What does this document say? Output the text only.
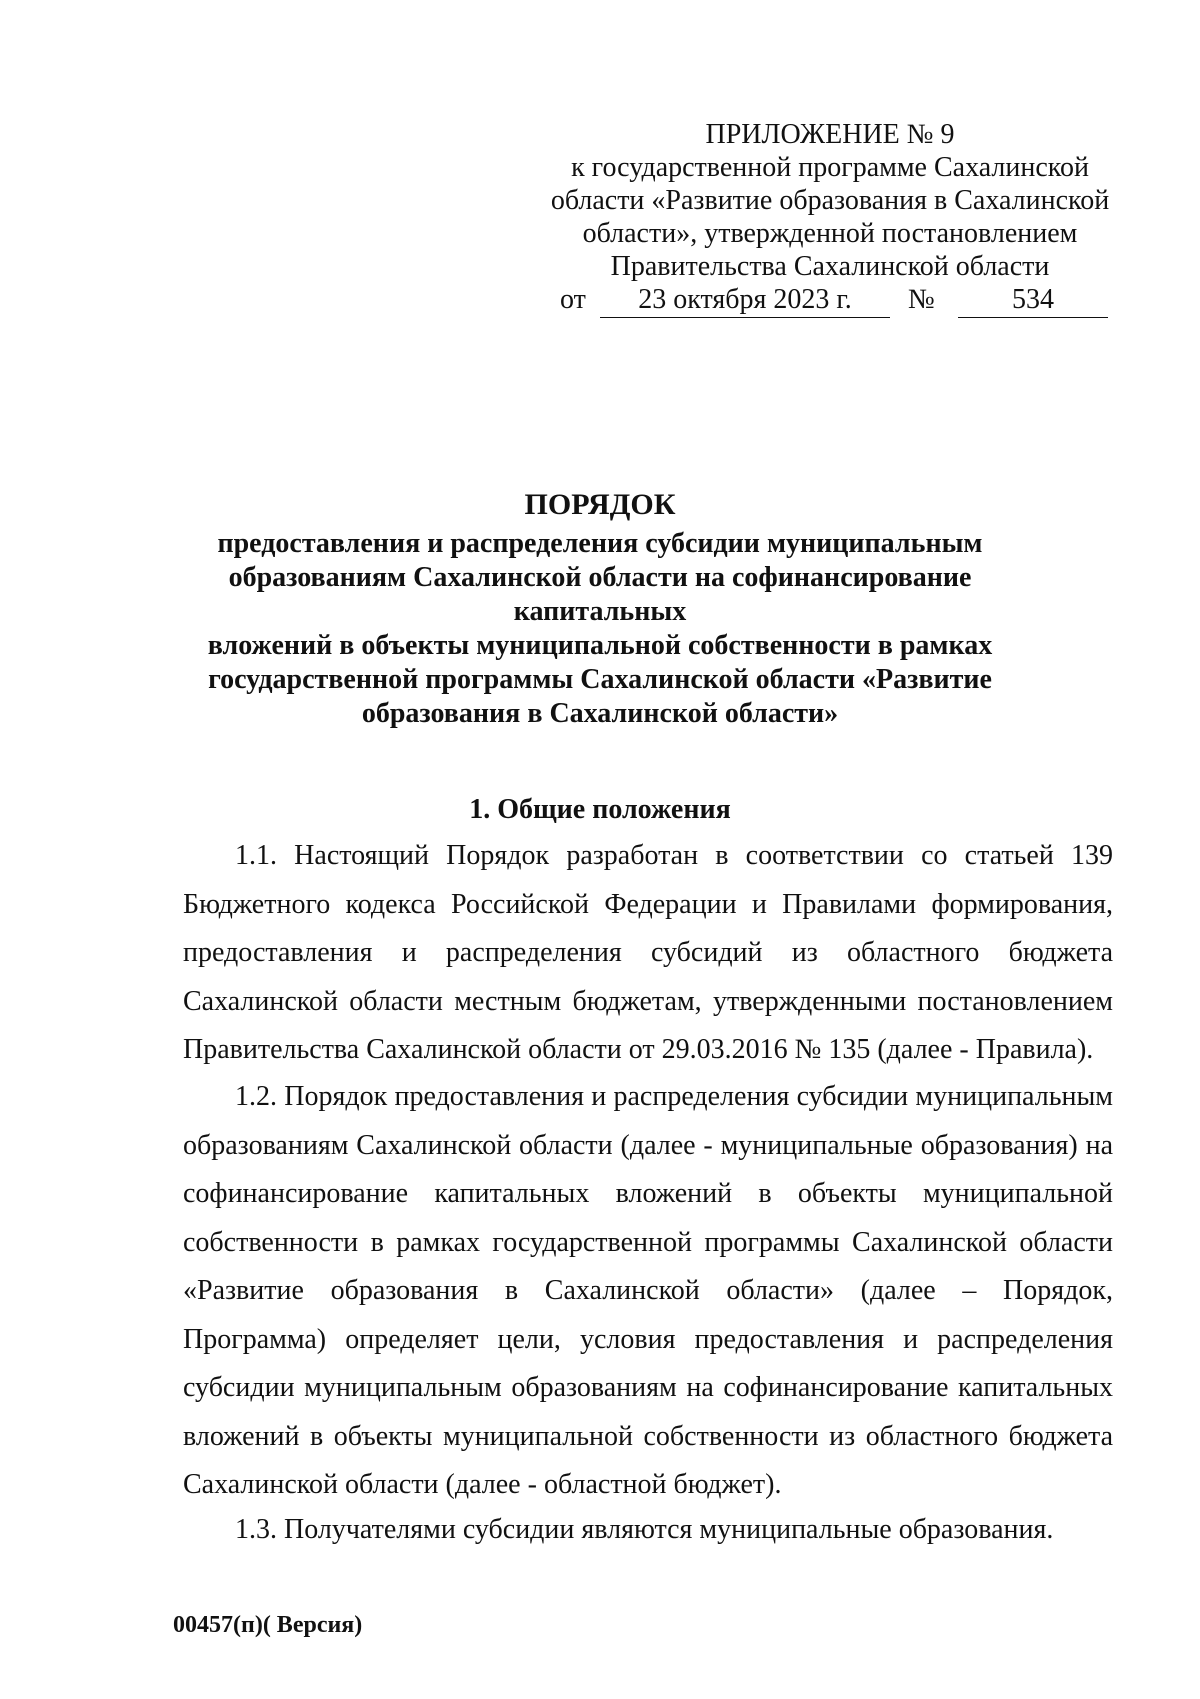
ПРИЛОЖЕНИЕ № 9
к государственной программе Сахалинской
области «Развитие образования в Сахалинской
области», утвержденной постановлением
Правительства Сахалинской области
от	23 октября 2023 г.	№	534
ПОРЯДОК
предоставления и распределения субсидии муниципальным
образованиям Сахалинской области на софинансирование капитальных
вложений в объекты муниципальной собственности в рамках
государственной программы Сахалинской области «Развитие
образования в Сахалинской области»
1. Общие положения
1.1. Настоящий Порядок разработан в соответствии со статьей 139
Бюджетного кодекса Российской Федерации и Правилами формирования,
предоставления и распределения субсидий из областного бюджета
Сахалинской области местным бюджетам, утвержденными постановлением
Правительства Сахалинской области от 29.03.2016 № 135 (далее - Правила).
1.2. Порядок предоставления и распределения субсидии муниципальным
образованиям Сахалинской области (далее - муниципальные образования) на
софинансирование капитальных вложений в объекты муниципальной
собственности в рамках государственной программы Сахалинской области
«Развитие образования в Сахалинской области» (далее – Порядок,
Программа) определяет цели, условия предоставления и распределения
субсидии муниципальным образованиям на софинансирование капитальных
вложений в объекты муниципальной собственности из областного бюджета
Сахалинской области (далее - областной бюджет).
1.3. Получателями субсидии являются муниципальные образования.
00457(п)( Версия)
